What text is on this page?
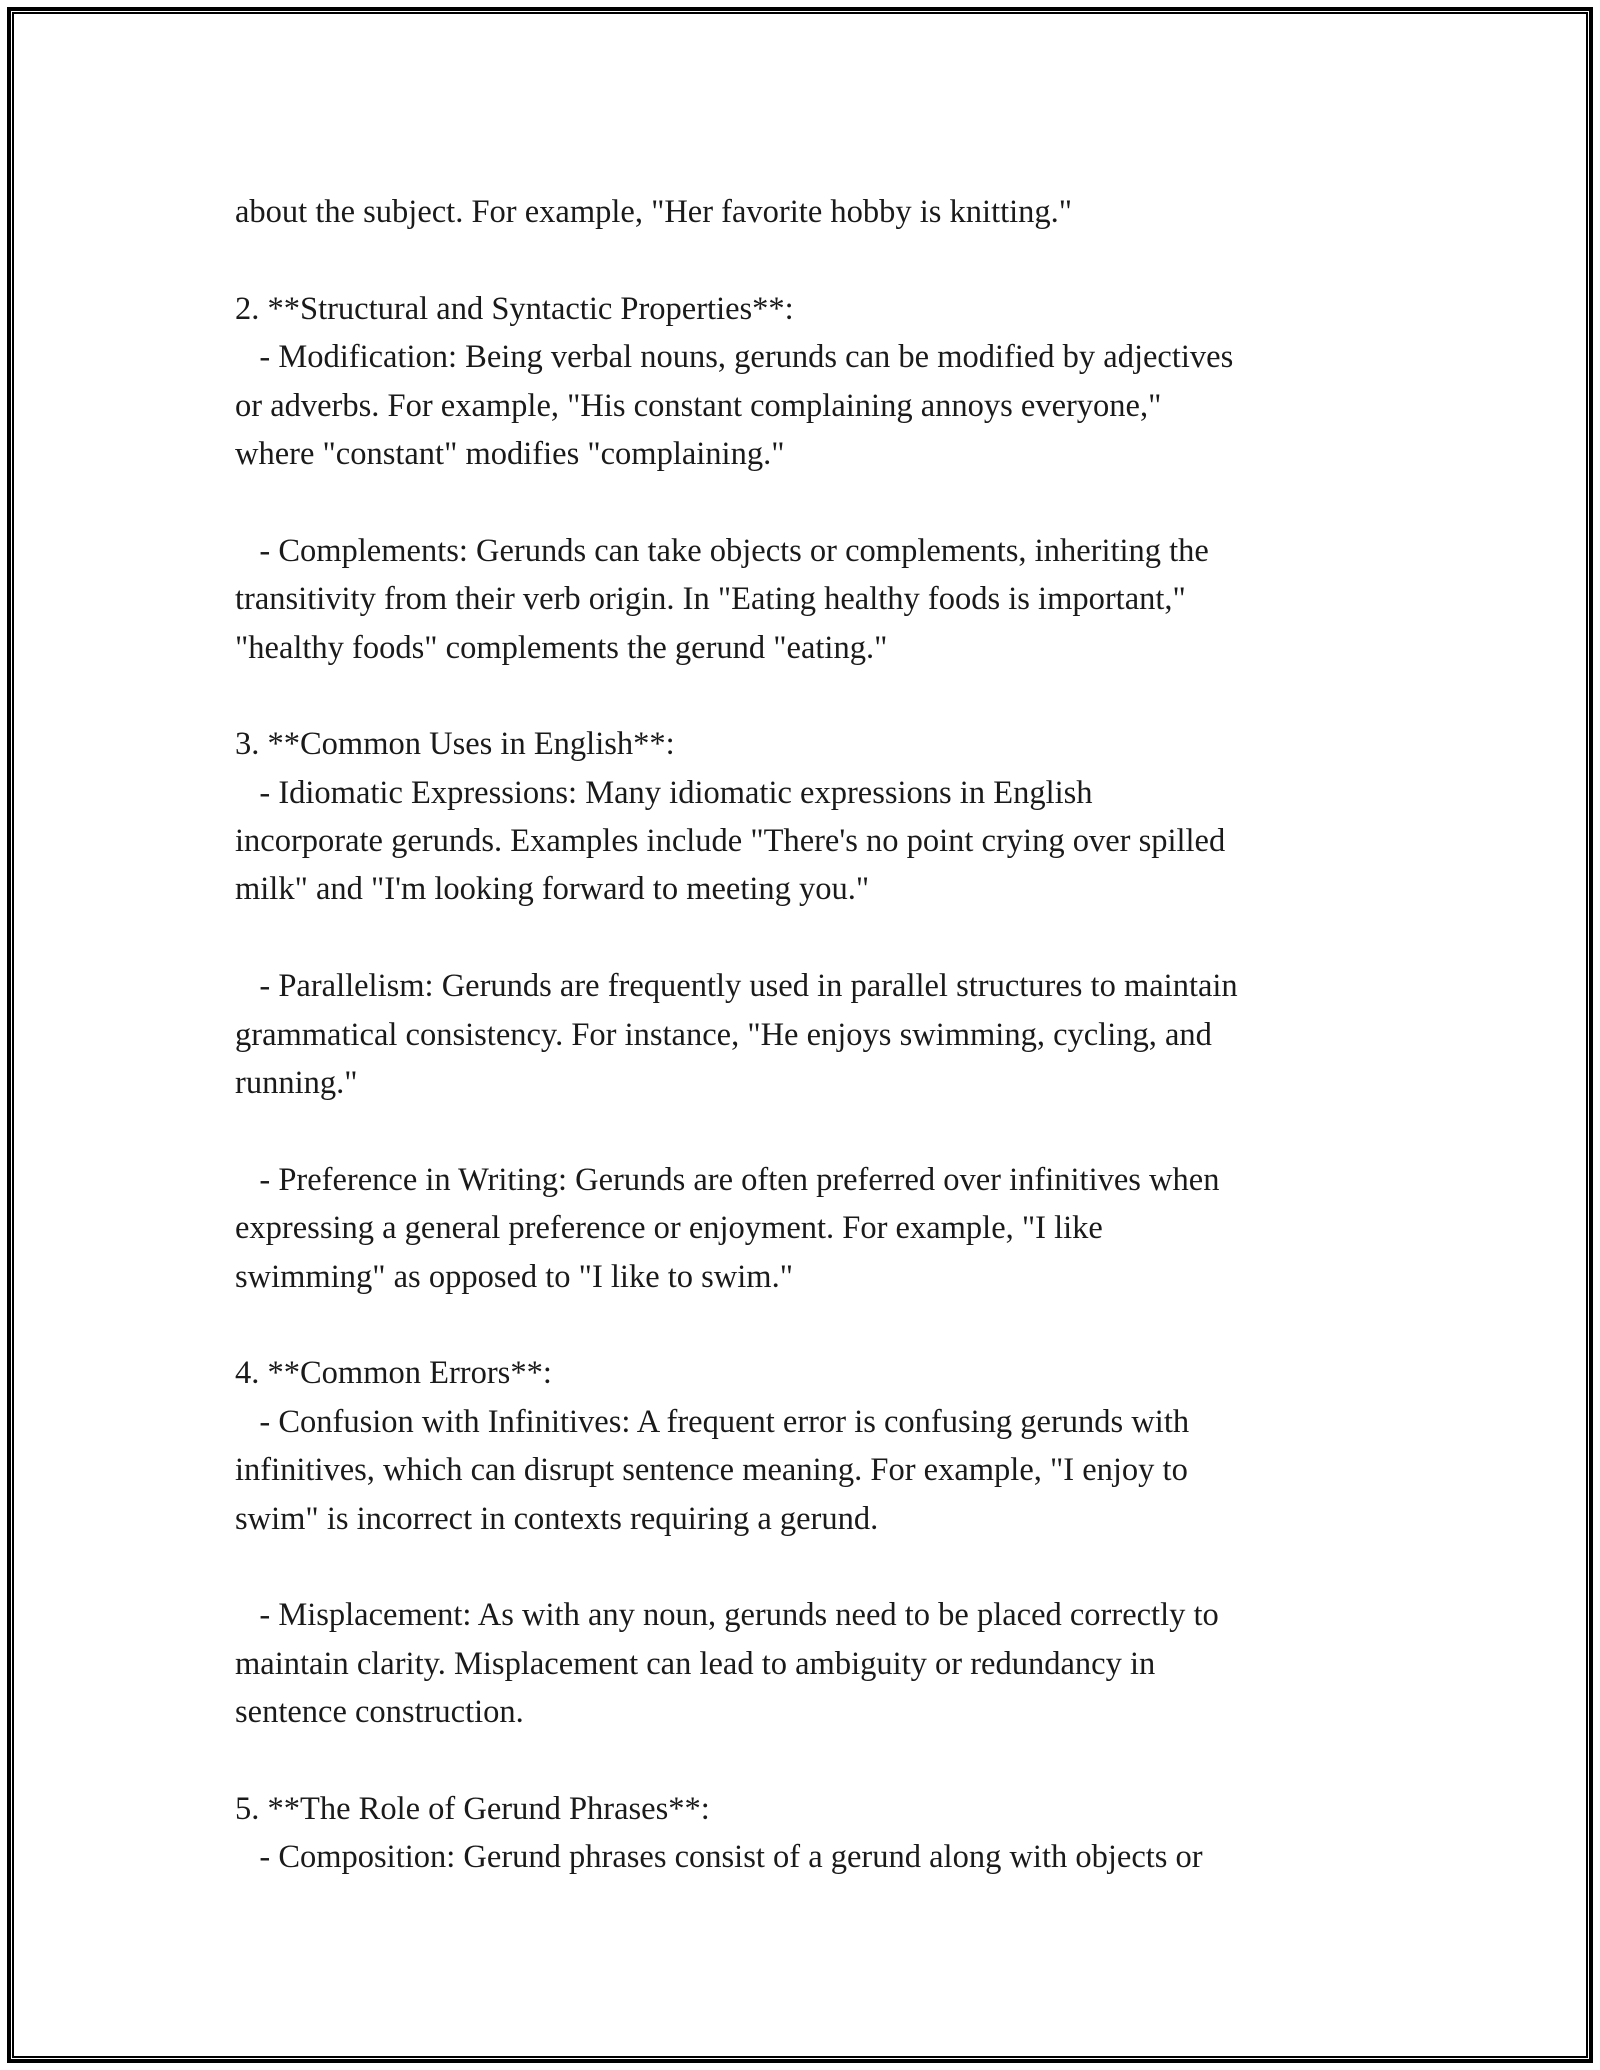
about the subject. For example, "Her favorite hobby is knitting."
2. **Structural and Syntactic Properties**:
- Modification: Being verbal nouns, gerunds can be modified by adjectives
or adverbs. For example, "His constant complaining annoys everyone,"
where "constant" modifies "complaining."
- Complements: Gerunds can take objects or complements, inheriting the
transitivity from their verb origin. In "Eating healthy foods is important,"
"healthy foods" complements the gerund "eating."
3. **Common Uses in English**:
- Idiomatic Expressions: Many idiomatic expressions in English
incorporate gerunds. Examples include "There's no point crying over spilled
milk" and "I'm looking forward to meeting you."
- Parallelism: Gerunds are frequently used in parallel structures to maintain
grammatical consistency. For instance, "He enjoys swimming, cycling, and
running."
- Preference in Writing: Gerunds are often preferred over infinitives when
expressing a general preference or enjoyment. For example, "I like
swimming" as opposed to "I like to swim."
4. **Common Errors**:
- Confusion with Infinitives: A frequent error is confusing gerunds with
infinitives, which can disrupt sentence meaning. For example, "I enjoy to
swim" is incorrect in contexts requiring a gerund.
- Misplacement: As with any noun, gerunds need to be placed correctly to
maintain clarity. Misplacement can lead to ambiguity or redundancy in
sentence construction.
5. **The Role of Gerund Phrases**:
- Composition: Gerund phrases consist of a gerund along with objects or
